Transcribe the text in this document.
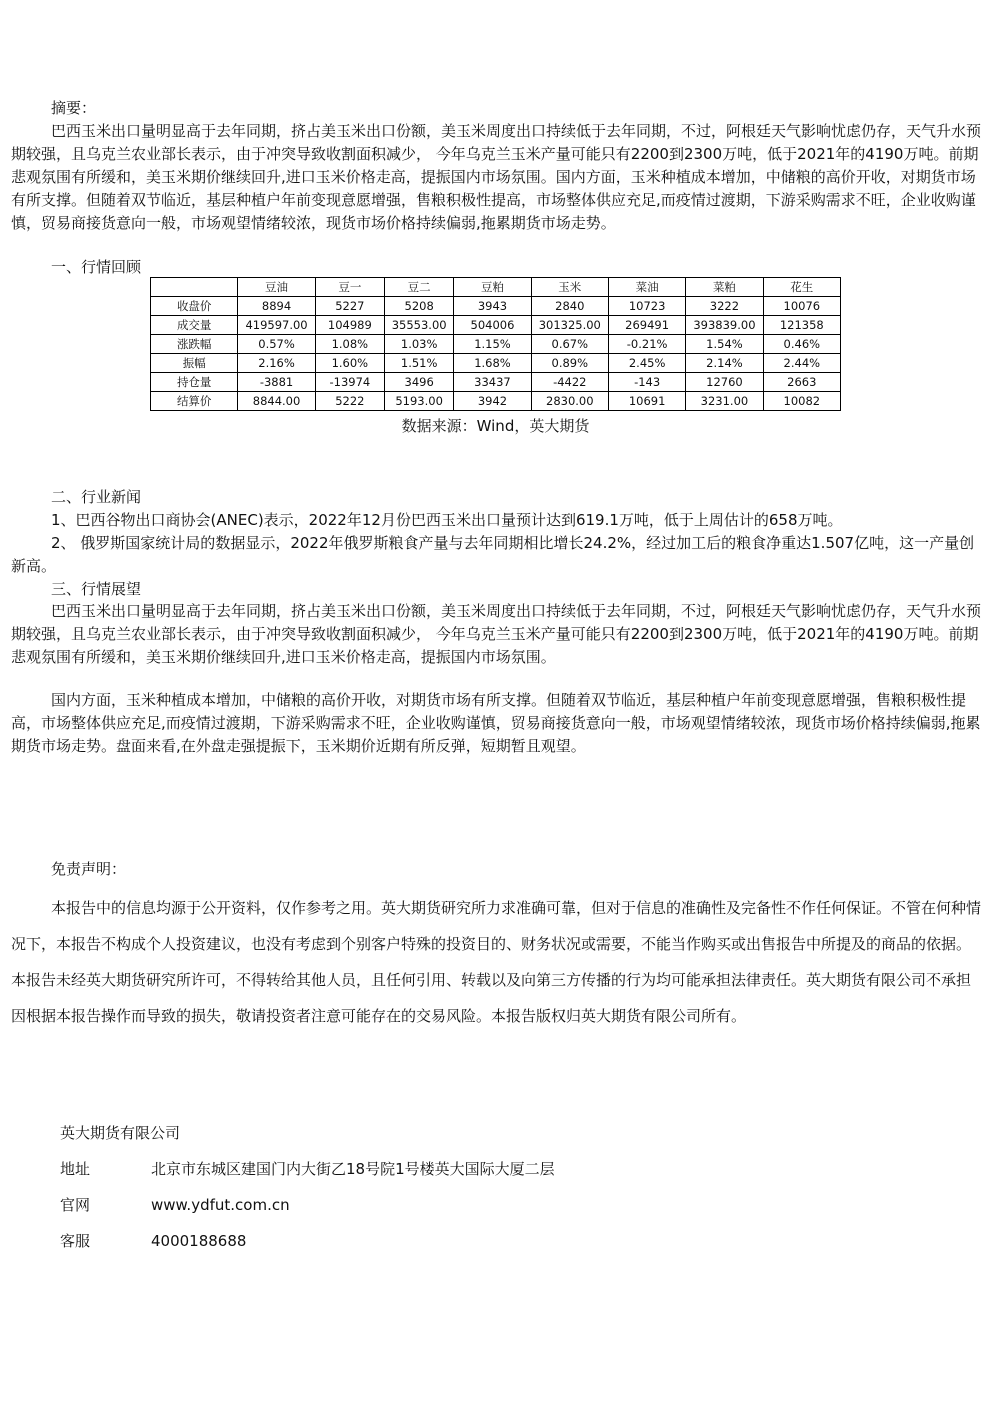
摘要：

巴西玉米出口量明显高于去年同期，挤占美玉米出口份额，美玉米周度出口持续低于去年同期，不过，阿根廷天气影响忧虑仍存，天气升水预期较强，且乌克兰农业部长表示，由于冲突导致收割面积减少， 今年乌克兰玉米产量可能只有2200到2300万吨，低于2021年的4190万吨。前期悲观氛围有所缓和，美玉米期价继续回升,进口玉米价格走高，提振国内市场氛围。国内方面，玉米种植成本增加，中储粮的高价开收，对期货市场有所支撑。但随着双节临近，基层种植户年前变现意愿增强，售粮积极性提高，市场整体供应充足,而疫情过渡期，下游采购需求不旺，企业收购谨慎，贸易商接货意向一般，市场观望情绪较浓，现货市场价格持续偏弱,拖累期货市场走势。

一、行情回顾

	豆油	豆一	豆二	豆粕	玉米	菜油	菜粕	花生
收盘价	8894	5227	5208	3943	2840	10723	3222	10076
成交量	419597.00	104989	35553.00	504006	301325.00	269491	393839.00	121358
涨跌幅	0.57%	1.08%	1.03%	1.15%	0.67%	-0.21%	1.54%	0.46%
振幅	2.16%	1.60%	1.51%	1.68%	0.89%	2.45%	2.14%	2.44%
持仓量	-3881	-13974	3496	33437	-4422	-143	12760	2663
结算价	8844.00	5222	5193.00	3942	2830.00	10691	3231.00	10082

数据来源：Wind，英大期货

二、行业新闻

1、巴西谷物出口商协会(ANEC)表示，2022年12月份巴西玉米出口量预计达到619.1万吨，低于上周估计的658万吨。

2、 俄罗斯国家统计局的数据显示，2022年俄罗斯粮食产量与去年同期相比增长24.2%，经过加工后的粮食净重达1.507亿吨，这一产量创新高。

三、行情展望

巴西玉米出口量明显高于去年同期，挤占美玉米出口份额，美玉米周度出口持续低于去年同期，不过，阿根廷天气影响忧虑仍存，天气升水预期较强，且乌克兰农业部长表示，由于冲突导致收割面积减少， 今年乌克兰玉米产量可能只有2200到2300万吨，低于2021年的4190万吨。前期悲观氛围有所缓和，美玉米期价继续回升,进口玉米价格走高，提振国内市场氛围。

国内方面，玉米种植成本增加，中储粮的高价开收，对期货市场有所支撑。但随着双节临近，基层种植户年前变现意愿增强，售粮积极性提高，市场整体供应充足,而疫情过渡期，下游采购需求不旺，企业收购谨慎，贸易商接货意向一般，市场观望情绪较浓，现货市场价格持续偏弱,拖累期货市场走势。盘面来看,在外盘走强提振下，玉米期价近期有所反弹，短期暂且观望。

免责声明：

本报告中的信息均源于公开资料，仅作参考之用。英大期货研究所力求准确可靠，但对于信息的准确性及完备性不作任何保证。不管在何种情况下，本报告不构成个人投资建议，也没有考虑到个别客户特殊的投资目的、财务状况或需要，不能当作购买或出售报告中所提及的商品的依据。本报告未经英大期货研究所许可，不得转给其他人员，且任何引用、转载以及向第三方传播的行为均可能承担法律责任。英大期货有限公司不承担因根据本报告操作而导致的损失，敬请投资者注意可能存在的交易风险。本报告版权归英大期货有限公司所有。

英大期货有限公司

地址	北京市东城区建国门内大街乙18号院1号楼英大国际大厦二层
官网	www.ydfut.com.cn
客服	4000188688
